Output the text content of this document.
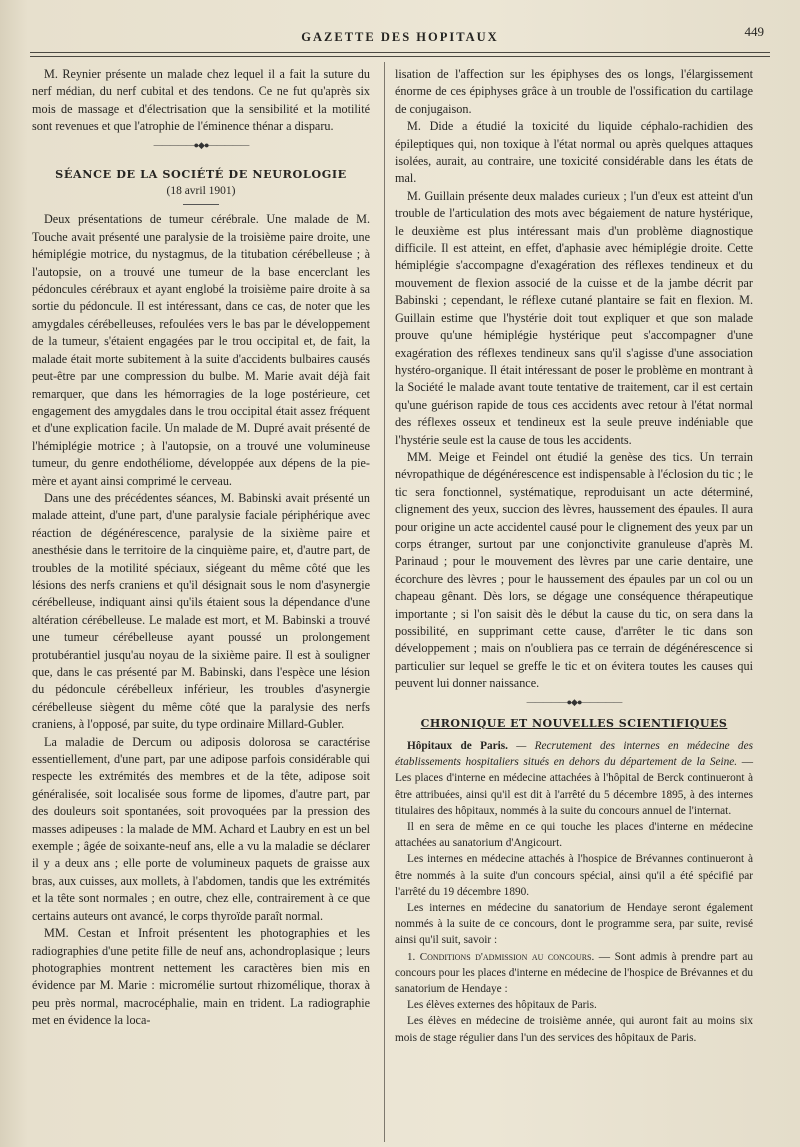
GAZETTE DES HOPITAUX	449

M. Reynier présente un malade chez lequel il a fait la suture du nerf médian, du nerf cubital et des tendons. Ce ne fut qu'après six mois de massage et d'électrisation que la sensibilité et la motilité sont revenues et que l'atrophie de l'éminence thénar a disparu.

—————●◆●—————
SÉANCE DE LA SOCIÉTÉ DE NEUROLOGIE
(18 avril 1901)

Deux présentations de tumeur cérébrale. Une malade de M. Touche avait présenté une paralysie de la troisième paire droite, une hémiplégie motrice, du nystagmus, de la titubation cérébelleuse ; à l'autopsie, on a trouvé une tumeur de la base encerclant les pédoncules cérébraux et ayant englobé la troisième paire droite à sa sortie du pédoncule. Il est intéressant, dans ce cas, de noter que les amygdales cérébelleuses, refoulées vers le bas par le développement de la tumeur, s'étaient engagées par le trou occipital et, de fait, la malade était morte subitement à la suite d'accidents bulbaires causés peut-être par une compression du bulbe. M. Marie avait déjà fait remarquer, que dans les hémorragies de la loge postérieure, cet engagement des amygdales dans le trou occipital était assez fréquent et d'une explication facile. Un malade de M. Dupré avait présenté de l'hémiplégie motrice ; à l'autopsie, on a trouvé une volumineuse tumeur, du genre endothéliome, développée aux dépens de la pie-mère et ayant ainsi comprimé le cerveau.

Dans une des précédentes séances, M. Babinski avait présenté un malade atteint, d'une part, d'une paralysie faciale périphérique avec réaction de dégénérescence, paralysie de la sixième paire et anesthésie dans le territoire de la cinquième paire, et, d'autre part, de troubles de la motilité spéciaux, siégeant du même côté que les lésions des nerfs craniens et qu'il désignait sous le nom d'asynergie cérébelleuse, indiquant ainsi qu'ils étaient sous la dépendance d'une altération cérébelleuse. Le malade est mort, et M. Babinski a trouvé une tumeur cérébelleuse ayant poussé un prolongement protubérantiel jusqu'au noyau de la sixième paire. Il est à souligner que, dans le cas présenté par M. Babinski, dans l'espèce une lésion du pédoncule cérébelleux inférieur, les troubles d'asynergie cérébelleuse siègent du même côté que la paralysie des nerfs craniens, à l'opposé, par suite, du type ordinaire Millard-Gubler.

La maladie de Dercum ou adiposis dolorosa se caractérise essentiellement, d'une part, par une adipose parfois considérable qui respecte les extrémités des membres et de la tête, adipose soit généralisée, soit localisée sous forme de lipomes, d'autre part, par des douleurs soit spontanées, soit provoquées par la pression des masses adipeuses : la malade de MM. Achard et Laubry en est un bel exemple ; âgée de soixante-neuf ans, elle a vu la maladie se déclarer il y a deux ans ; elle porte de volumineux paquets de graisse aux bras, aux cuisses, aux mollets, à l'abdomen, tandis que les extrémités et la tête sont normales ; en outre, chez elle, contrairement à ce que certains auteurs ont avancé, le corps thyroïde paraît normal.

MM. Cestan et Infroit présentent les photographies et les radiographies d'une petite fille de neuf ans, achondroplasique ; leurs photographies montrent nettement les caractères bien mis en évidence par M. Marie : micromélie surtout rhizomélique, thorax à peu près normal, macrocéphalie, main en trident. La radiographie met en évidence la loca-

lisation de l'affection sur les épiphyses des os longs, l'élargissement énorme de ces épiphyses grâce à un trouble de l'ossification du cartilage de conjugaison.

M. Dide a étudié la toxicité du liquide céphalo-rachidien des épileptiques qui, non toxique à l'état normal ou après quelques attaques isolées, aurait, au contraire, une toxicité considérable dans les états de mal.

M. Guillain présente deux malades curieux ; l'un d'eux est atteint d'un trouble de l'articulation des mots avec bégaiement de nature hystérique, le deuxième est plus intéressant mais d'un problème diagnostique difficile. Il est atteint, en effet, d'aphasie avec hémiplégie droite. Cette hémiplégie s'accompagne d'exagération des réflexes tendineux et du mouvement de flexion associé de la cuisse et de la jambe décrit par Babinski ; cependant, le réflexe cutané plantaire se fait en flexion. M. Guillain estime que l'hystérie doit tout expliquer et que son malade prouve qu'une hémiplégie hystérique peut s'accompagner d'une exagération des réflexes tendineux sans qu'il s'agisse d'une association hystéro-organique. Il était intéressant de poser le problème en montrant à la Société le malade avant toute tentative de traitement, car il est certain qu'une guérison rapide de tous ces accidents avec retour à l'état normal des réflexes osseux et tendineux est la seule preuve indéniable que l'hystérie seule est la cause de tous les accidents.

MM. Meige et Feindel ont étudié la genèse des tics. Un terrain névropathique de dégénérescence est indispensable à l'éclosion du tic ; le tic sera fonctionnel, systématique, reproduisant un acte déterminé, clignement des yeux, succion des lèvres, haussement des épaules. Il aura pour origine un acte accidentel causé pour le clignement des yeux par un corps étranger, surtout par une conjonctivite granuleuse d'après M. Parinaud ; pour le mouvement des lèvres par une carie dentaire, une écorchure des lèvres ; pour le haussement des épaules par un col ou un chapeau gênant. Dès lors, se dégage une conséquence thérapeutique importante ; si l'on saisit dès le début la cause du tic, on sera dans la possibilité, en supprimant cette cause, d'arrêter le tic dans son développement ; mais on n'oubliera pas ce terrain de dégénérescence si particulier sur lequel se greffe le tic et on évitera toutes les causes qui peuvent lui donner naissance.

—————●◆●—————
CHRONIQUE ET NOUVELLES SCIENTIFIQUES

Hôpitaux de Paris. — Recrutement des internes en médecine des établissements hospitaliers situés en dehors du département de la Seine. — Les places d'interne en médecine attachées à l'hôpital de Berck continueront à être attribuées, ainsi qu'il est dit à l'arrêté du 5 décembre 1895, à des internes titulaires des hôpitaux, nommés à la suite du concours annuel de l'internat.

Il en sera de même en ce qui touche les places d'interne en médecine attachées au sanatorium d'Angicourt.

Les internes en médecine attachés à l'hospice de Brévannes continueront à être nommés à la suite d'un concours spécial, ainsi qu'il a été spécifié par l'arrêté du 19 décembre 1890.

Les internes en médecine du sanatorium de Hendaye seront également nommés à la suite de ce concours, dont le programme sera, par suite, revisé ainsi qu'il suit, savoir :

1. Conditions d'admission au concours. — Sont admis à prendre part au concours pour les places d'interne en médecine de l'hospice de Brévannes et du sanatorium de Hendaye :

Les élèves externes des hôpitaux de Paris.

Les élèves en médecine de troisième année, qui auront fait au moins six mois de stage régulier dans l'un des services des hôpitaux de Paris.
